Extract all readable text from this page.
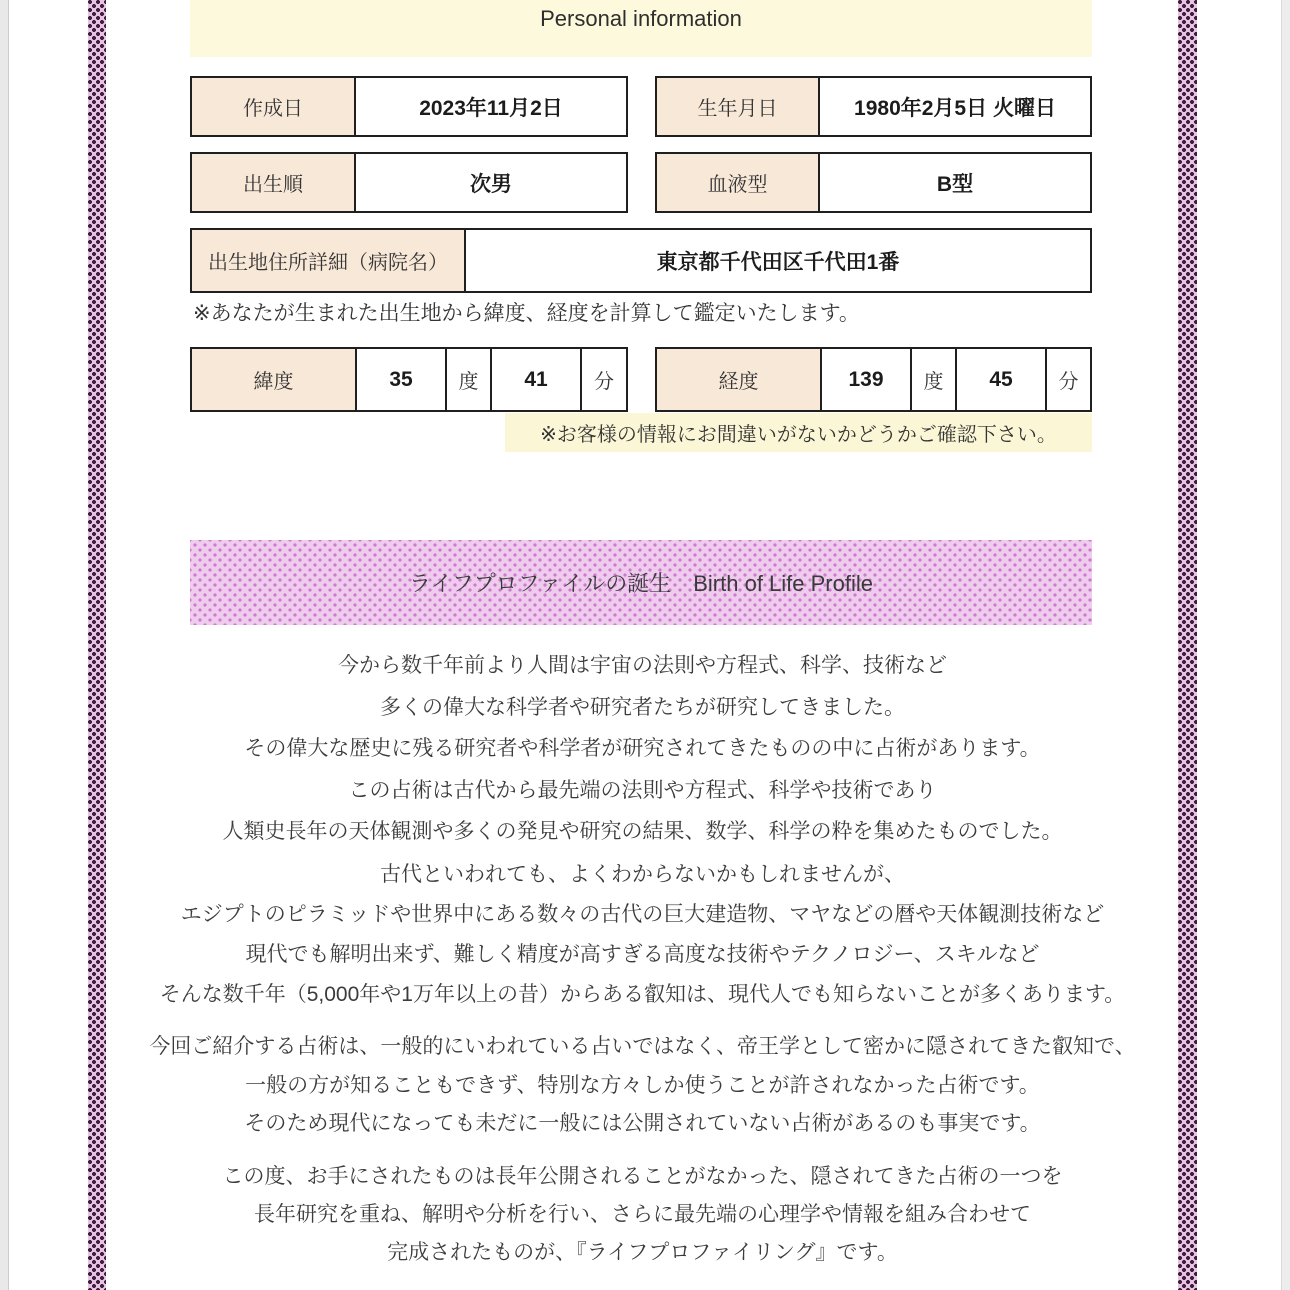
Personal information
作成日	2023年11月2日	生年月日	1980年2月5日 火曜日
出生順	次男	血液型	B型
出生地住所詳細（病院名）	東京都千代田区千代田1番
※あなたが生まれた出生地から緯度、経度を計算して鑑定いたします。
緯度	35	度	41	分	経度	139	度	45	分
※お客様の情報にお間違いがないかどうかご確認下さい。
ライフプロファイルの誕生　Birth of Life Profile
今から数千年前より人間は宇宙の法則や方程式、科学、技術など
多くの偉大な科学者や研究者たちが研究してきました。
その偉大な歴史に残る研究者や科学者が研究されてきたものの中に占術があります。
この占術は古代から最先端の法則や方程式、科学や技術であり
人類史長年の天体観測や多くの発見や研究の結果、数学、科学の粋を集めたものでした。
古代といわれても、よくわからないかもしれませんが、
エジプトのピラミッドや世界中にある数々の古代の巨大建造物、マヤなどの暦や天体観測技術など
現代でも解明出来ず、難しく精度が高すぎる高度な技術やテクノロジー、スキルなど
そんな数千年（5,000年や1万年以上の昔）からある叡知は、現代人でも知らないことが多くあります。
今回ご紹介する占術は、一般的にいわれている占いではなく、帝王学として密かに隠されてきた叡知で、
一般の方が知ることもできず、特別な方々しか使うことが許されなかった占術です。
そのため現代になっても未だに一般には公開されていない占術があるのも事実です。
この度、お手にされたものは長年公開されることがなかった、隠されてきた占術の一つを
長年研究を重ね、解明や分析を行い、さらに最先端の心理学や情報を組み合わせて
完成されたものが、『ライフプロファイリング』です。
